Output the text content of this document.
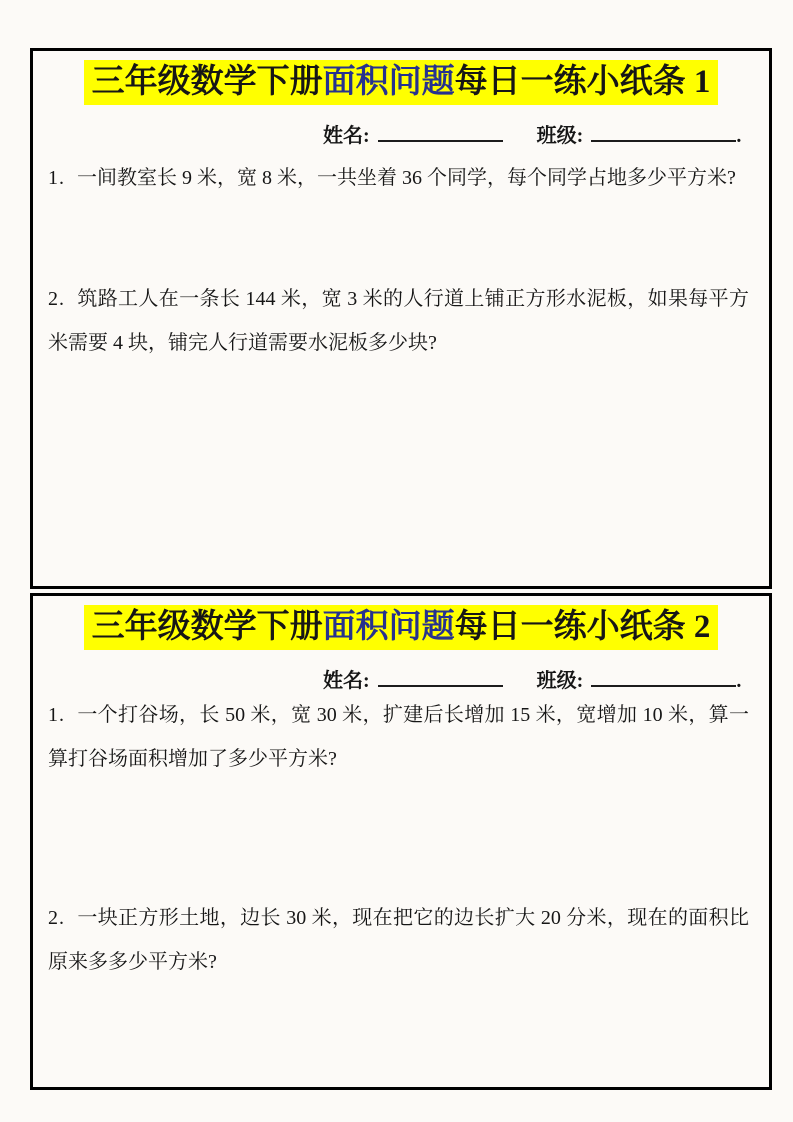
三年级数学下册面积问题每日一练小纸条 1
姓名:	班级:	.
1. 一间教室长 9 米，宽 8 米，一共坐着 36 个同学，每个同学占地多少平方米?
2. 筑路工人在一条长 144 米，宽 3 米的人行道上铺正方形水泥板，如果每平方米需要 4 块，铺完人行道需要水泥板多少块?
三年级数学下册面积问题每日一练小纸条 2
姓名:	班级:	.
1. 一个打谷场，长 50 米，宽 30 米，扩建后长增加 15 米，宽增加 10 米，算一算打谷场面积增加了多少平方米?
2. 一块正方形土地，边长 30 米，现在把它的边长扩大 20 分米，现在的面积比原来多多少平方米?
